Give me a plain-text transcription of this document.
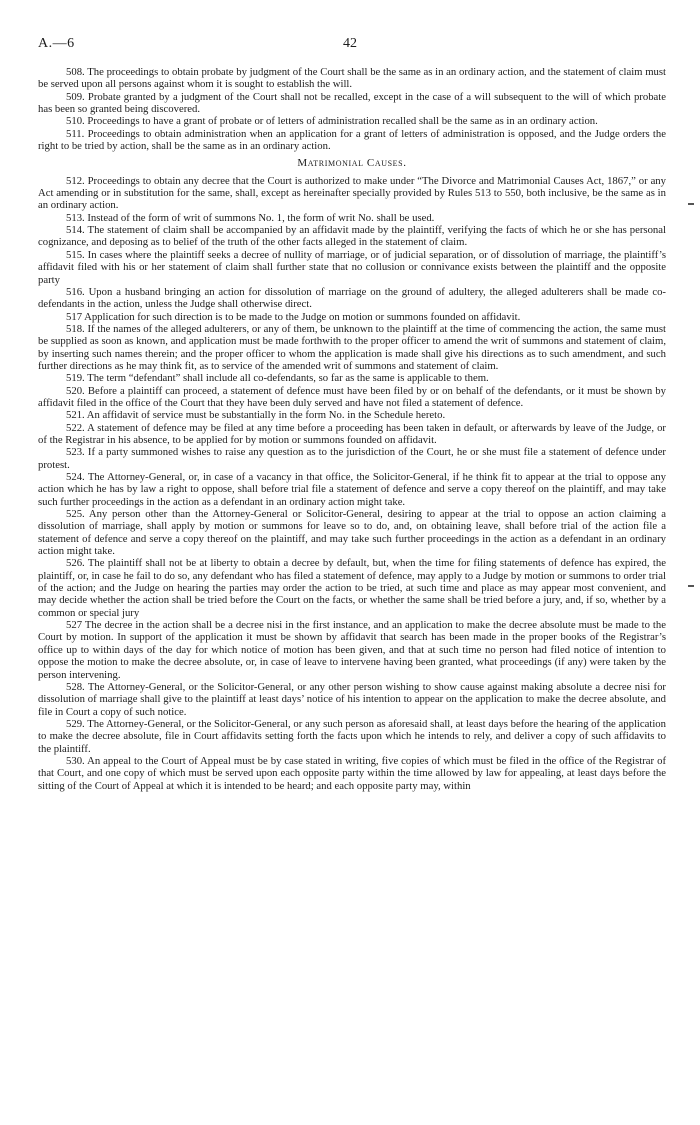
A.—6	42

508. The proceedings to obtain probate by judgment of the Court shall be the same as in an ordinary action, and the statement of claim must be served upon all persons against whom it is sought to establish the will.

509. Probate granted by a judgment of the Court shall not be recalled, except in the case of a will subsequent to the will of which probate has been so granted being discovered.

510. Proceedings to have a grant of probate or of letters of administration recalled shall be the same as in an ordinary action.

511. Proceedings to obtain administration when an application for a grant of letters of administration is opposed, and the Judge orders the right to be tried by action, shall be the same as in an ordinary action.

Matrimonial Causes.

512. Proceedings to obtain any decree that the Court is authorized to make under “The Divorce and Matrimonial Causes Act, 1867,” or any Act amending or in substitution for the same, shall, except as hereinafter specially provided by Rules 513 to 550, both inclusive, be the same as in an ordinary action.

513. Instead of the form of writ of summons No. 1, the form of writ No. shall be used.

514. The statement of claim shall be accompanied by an affidavit made by the plaintiff, verifying the facts of which he or she has personal cognizance, and deposing as to belief of the truth of the other facts alleged in the statement of claim.

515. In cases where the plaintiff seeks a decree of nullity of marriage, or of judicial separation, or of dissolution of marriage, the plaintiff’s affidavit filed with his or her statement of claim shall further state that no collusion or connivance exists between the plaintiff and the opposite party

516. Upon a husband bringing an action for dissolution of marriage on the ground of adultery, the alleged adulterers shall be made co-defendants in the action, unless the Judge shall otherwise direct.

517 Application for such direction is to be made to the Judge on motion or summons founded on affidavit.

518. If the names of the alleged adulterers, or any of them, be unknown to the plaintiff at the time of commencing the action, the same must be supplied as soon as known, and application must be made forthwith to the proper officer to amend the writ of summons and statement of claim, by inserting such names therein; and the proper officer to whom the application is made shall give his directions as to such amendment, and such further directions as he may think fit, as to service of the amended writ of summons and statement of claim.

519. The term “defendant” shall include all co-defendants, so far as the same is applicable to them.

520. Before a plaintiff can proceed, a statement of defence must have been filed by or on behalf of the defendants, or it must be shown by affidavit filed in the office of the Court that they have been duly served and have not filed a statement of defence.

521. An affidavit of service must be substantially in the form No. in the Schedule hereto.

522. A statement of defence may be filed at any time before a proceeding has been taken in default, or afterwards by leave of the Judge, or of the Registrar in his absence, to be applied for by motion or summons founded on affidavit.

523. If a party summoned wishes to raise any question as to the jurisdiction of the Court, he or she must file a statement of defence under protest.

524. The Attorney-General, or, in case of a vacancy in that office, the Solicitor-General, if he think fit to appear at the trial to oppose any action which he has by law a right to oppose, shall before trial file a statement of defence and serve a copy thereof on the plaintiff, and may take such further proceedings in the action as a defendant in an ordinary action might take.

525. Any person other than the Attorney-General or Solicitor-General, desiring to appear at the trial to oppose an action claiming a dissolution of marriage, shall apply by motion or summons for leave so to do, and, on obtaining leave, shall before trial of the action file a statement of defence and serve a copy thereof on the plaintiff, and may take such further proceedings in the action as a defendant in an ordinary action might take.

526. The plaintiff shall not be at liberty to obtain a decree by default, but, when the time for filing statements of defence has expired, the plaintiff, or, in case he fail to do so, any defendant who has filed a statement of defence, may apply to a Judge by motion or summons to order trial of the action; and the Judge on hearing the parties may order the action to be tried, at such time and place as may appear most convenient, and may decide whether the action shall be tried before the Court on the facts, or whether the same shall be tried before a jury, and, if so, whether by a common or special jury

527 The decree in the action shall be a decree nisi in the first instance, and an application to make the decree absolute must be made to the Court by motion. In support of the application it must be shown by affidavit that search has been made in the proper books of the Registrar’s office up to within days of the day for which notice of motion has been given, and that at such time no person had filed notice of intention to oppose the motion to make the decree absolute, or, in case of leave to intervene having been granted, what proceedings (if any) were taken by the person intervening.

528. The Attorney-General, or the Solicitor-General, or any other person wishing to show cause against making absolute a decree nisi for dissolution of marriage shall give to the plaintiff at least days’ notice of his intention to appear on the application to make the decree absolute, and file in Court a copy of such notice.

529. The Attorney-General, or the Solicitor-General, or any such person as aforesaid shall, at least days before the hearing of the application to make the decree absolute, file in Court affidavits setting forth the facts upon which he intends to rely, and deliver a copy of such affidavits to the plaintiff.

530. An appeal to the Court of Appeal must be by case stated in writing, five copies of which must be filed in the office of the Registrar of that Court, and one copy of which must be served upon each opposite party within the time allowed by law for appealing, at least days before the sitting of the Court of Appeal at which it is intended to be heard; and each opposite party may, within
